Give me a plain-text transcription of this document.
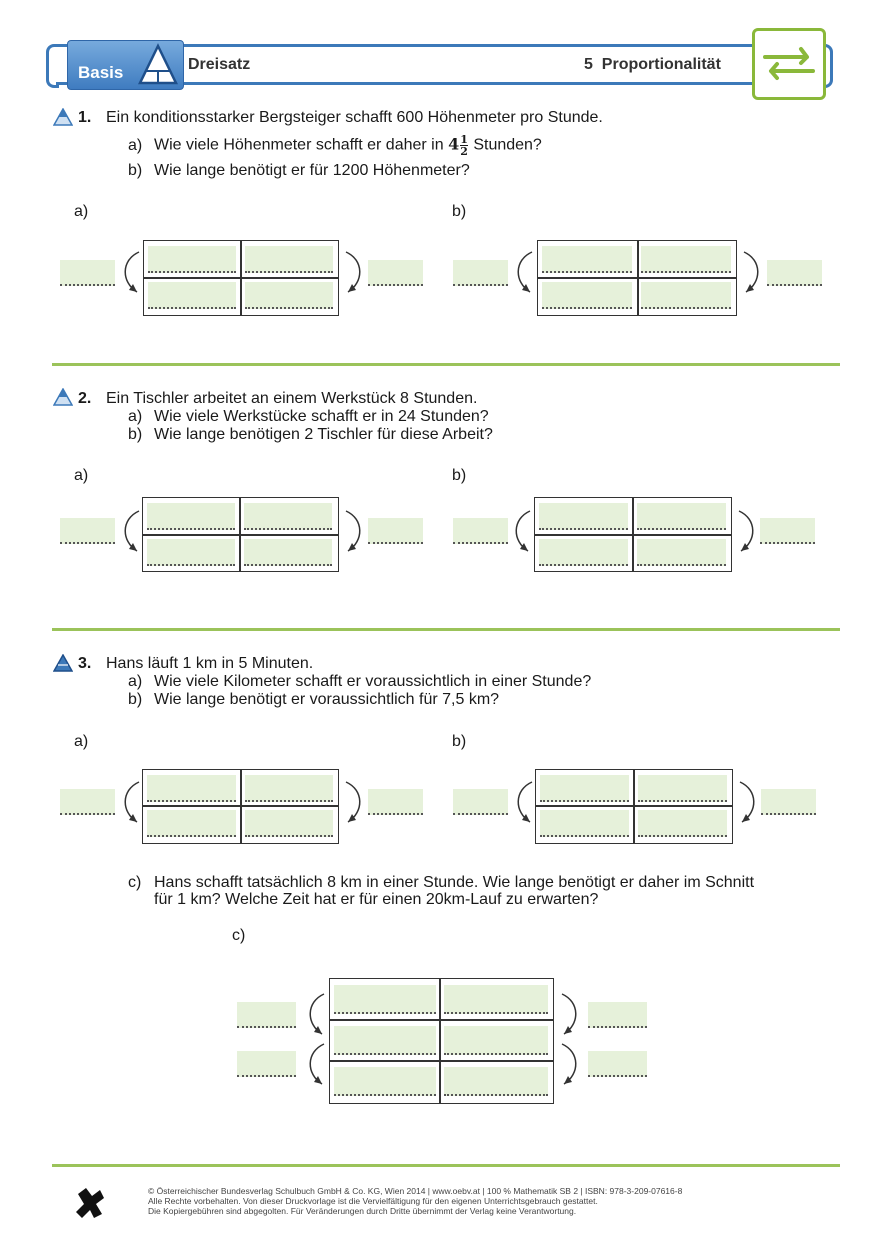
Basis	Dreisatz	5  Proportionalität
1. Ein konditionsstarker Bergsteiger schafft 600 Höhenmeter pro Stunde.
a) Wie viele Höhenmeter schafft er daher in $4 \frac{1}{2}$ Stunden?
b) Wie lange benötigt er für 1200 Höhenmeter?
a)	b)
2. Ein Tischler arbeitet an einem Werkstück 8 Stunden.
a) Wie viele Werkstücke schafft er in 24 Stunden?
b) Wie lange benötigen 2 Tischler für diese Arbeit?
a)	b)
3. Hans läuft 1 km in 5 Minuten.
a) Wie viele Kilometer schafft er voraussichtlich in einer Stunde?
b) Wie lange benötigt er voraussichtlich für 7,5 km?
a)	b)
c) Hans schafft tatsächlich 8 km in einer Stunde. Wie lange benötigt er daher im Schnitt
für 1 km? Welche Zeit hat er für einen 20km-Lauf zu erwarten?
c)
© Österreichischer Bundesverlag Schulbuch GmbH & Co. KG, Wien 2014 | www.oebv.at | 100 % Mathematik SB 2 | ISBN: 978-3-209-07616-8
Alle Rechte vorbehalten. Von dieser Druckvorlage ist die Vervielfältigung für den eigenen Unterrichtsgebrauch gestattet.
Die Kopiergebühren sind abgegolten. Für Veränderungen durch Dritte übernimmt der Verlag keine Verantwortung.
